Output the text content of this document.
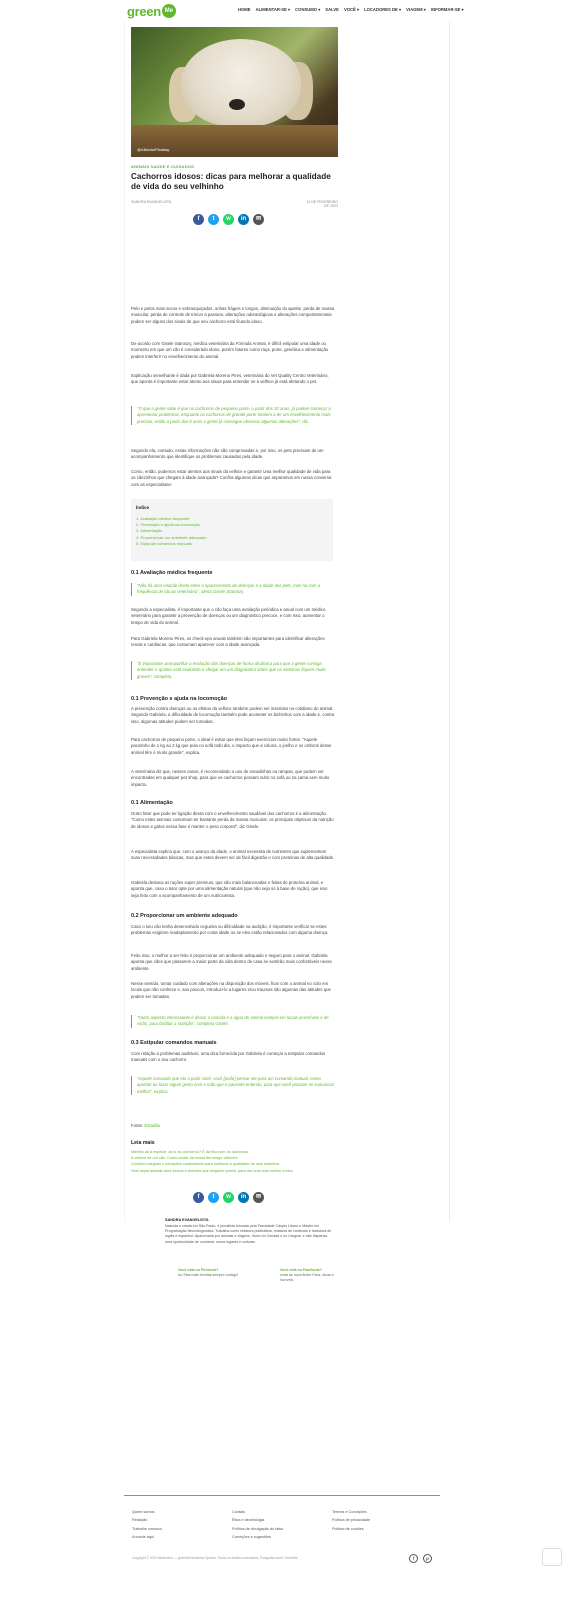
green Me	HOME ALIMENTAR-SE ▾ CONSUMO ▾ SALVE VOCÊ ▾ LOCADORES DE ▾ VIAGEM ▾ INFORMAR-SE ▾
@Alkkolo/Pixabay
ANIMAIS SAÚDE E CUIDADOS
Cachorros idosos: dicas para melhorar a qualidade de vida do seu velhinho
SANDRA EVANGELISTA	11 DE FEVEREIRO DE 2022
f	t	w	in	✉

Pelo e pelos mais secos e esbranquiçados, unhas frágeis e longos, diminuição do apetite, perda de massa muscular, perda de controle de trincar a passear, alterações odontológicas e alterações comportamentais podem ser alguns dos sinais de que seu cachorro está ficando idoso.

De acordo com Gisele Staroszy, médica veterinária da Fórmula Animal, é difícil estipular uma idade ou momento em que um cão é considerado idoso, porém fatores como raça, porte, genética e alimentação podem interferir no envelhecimento do animal.

Explicação semelhante é dada por Gabriela Moreno Pires, veterinária do Vet Quality Centro Veterinário, que aponta é importante estar atento aos sinais para entender se a velhice já está afetando o pet.

"O que a gente sabe é que os cachorros de pequeno porte, a partir dos 10 anos, já podem começar a apresentar problemas, enquanto os cachorros de grande porte tendem a ter um envelhecimento mais precoce, então a partir dos 8 anos a gente já consegue observar algumas alterações", diz.

Segundo ela, contudo, essas informações não são comprovadas e, por isso, os pets precisam de um acompanhamento que identifique os problemas causados pela idade.

Como, então, podemos estar atentos aos sinais da velhice e garantir uma melhor qualidade de vida para os cãezinhos que chegam à idade avançada? Confira algumas dicas que separamos em nossa conversa com as especialistas:

Índice
1. Avaliação médica frequente
2. Prevenção e ajuda na locomoção
3. Alimentação
4. Proporcionar um ambiente adequado
5. Estipular comandos manuais
0.1 Avaliação médica frequente

"Não há uma relação direta entre o aparecimento de doenças e a idade dos pets, mas há com a frequência de ida ao veterinário", alerta Gisele Staroszy.

Segundo a especialista, é importante que o cão faça uma avaliação periódica e anual com um médico veterinário para garantir a prevenção de doenças ou um diagnóstico precoce, e com isso, aumentar o tempo de vida do animal.

Para Gabriela Moreno Pires, os check-ups anuais também são importantes para identificar alterações renais e cardíacas, que costumam aparecer com a idade avançada.

"É importante acompanhar a evolução das doenças de forma dinâmica para que a gente consiga entender o quanto está evoluindo e chegar em um diagnóstico antes que os sintomas fiquem muito graves", completa.

0.1 Prevenção e ajuda na locomoção

A prevenção contra doenças ou os efeitos da velhice também podem ser inseridos no cotidiano do animal. Segundo Gabriela, a dificuldade de locomoção também pode acometer os bichinhos com a idade e, contra isso, algumas atitudes podem ser tomadas.

Para cachorros de pequeno porte, o ideal é evitar que eles façam exercícios muito fortes. "Aquele pacotinho de 1 kg ao 2 kg que pula no sofá todo dia, o impacto que a coluna, o joelho e os ombros desse animal têm é muito grande", explica.

A veterinária diz que, nesses casos, é recomendado o uso de escadinhas ou rampas, que podem ser encontradas em qualquer pet shop, para que os cachorros possam subir no sofá ou na cama sem muito impacto.

0.1 Alimentação

Outro fator que pode ter ligação direta com o envelhecimento saudável dos cachorros é a alimentação. "Como estes animais costumam ter bastante perda da massa muscular, os principais objetivos da nutrição de idosos e gatos nessa fase é manter o peso corporal", diz Gisele.

A especialista explica que, com o avanço da idade, o animal necessita de nutrientes que suplementem suas necessidades básicas, mas que estes devem ser de fácil digestão e com proteínas de alta qualidade.

Gabriela destaca as rações super premium, que são mais balanceadas e feitas de proteína animal, e aponta que, caso o tutor opte por uma alimentação natural (que não seja só à base de ração), que isso seja feito com o acompanhamento de um nutricionista.

0.2 Proporcionar um ambiente adequado

Caso o seu cão tenha desenvolvido cegueira ou dificuldade na audição, é importante verificar se estes problemas exigirem readaptamento por conta idade ou se eles estão relacionados com alguma doença.

Feito isso, o melhor a ser feito é proporcionar um ambiente adequado e seguro para o animal. Gabriela aponta que cães que passarem a maior parte da vida dentro de casa se sentirão mais confortáveis nesse ambiente.

Nesse sentido, tomar cuidado com alterações na disposição dos móveis, ficar com o animal no colo em locais que não conhece e, aos poucos, introduzi-lo a lugares e/ou traumas são algumas das atitudes que podem ser tomadas.

"Outro aspecto interessante é deixar a comida e a água do animal sempre em locais acessíveis e de visão, para facilitar a nutrição", completa Gisele.

0.3 Estipular comandos manuais

Com relação a problemas auditivos, uma dica fornecida por Gabriela é começar a estipular comandos manuais com o seu cachorro.

"Aquele comando que ela a partir você, você [pode] pensar ele para um comando manual, como apontar ou fazer algum gesto com a mão que o paciente entenda, para que você possam se comunicar melhor", explica.

Fonte: Estadão
Leia mais
Martelo dá à espécie: as is os cachorros? É da fina com os cachorros
A velhice de um cão. Como cuidar da nossa fiel amigo velhinho
Conforto integrais e iniciações sustentáveis para melhorar a qualidade de vida brasileira
Sete raças adotais cães idosos e doentes que ninguém queria, para dar uma vida melhor a eles
f	t	w	in	✉
SANDRA EVANGELISTA

Nascida e criada em São Paulo, é jornalista formada pela Faculdade Cásper Líbero e Master em Programação Neurolinguística. Trabalha como redatora publicitária, redatora de conteúdo e tradutora de inglês e espanhol. Apaixonada por animais e viagens. Viveu no Canadá e no Uruguai, e não dispensa uma oportunidade de conhecer novos lugares e culturas.

Você está no Pinterest?
Ao Siva mais bonitas sempre contigo!
Você está no Facebook?
curta as nova linder Fans, dicas e incríveis
Quem somos
Redação
Trabalhe conosco
Anuncie aqui
Contato
Ética e deontologia
Política de divulgação do falso
Correções e sugestões
Termos e Condições
Política de privacidade
Política de cookies

Copyright © 2023 Media Bus — greenMe Business Opinion. Todos os direitos reservados. Fotografia stock: GreenMe	f	p
